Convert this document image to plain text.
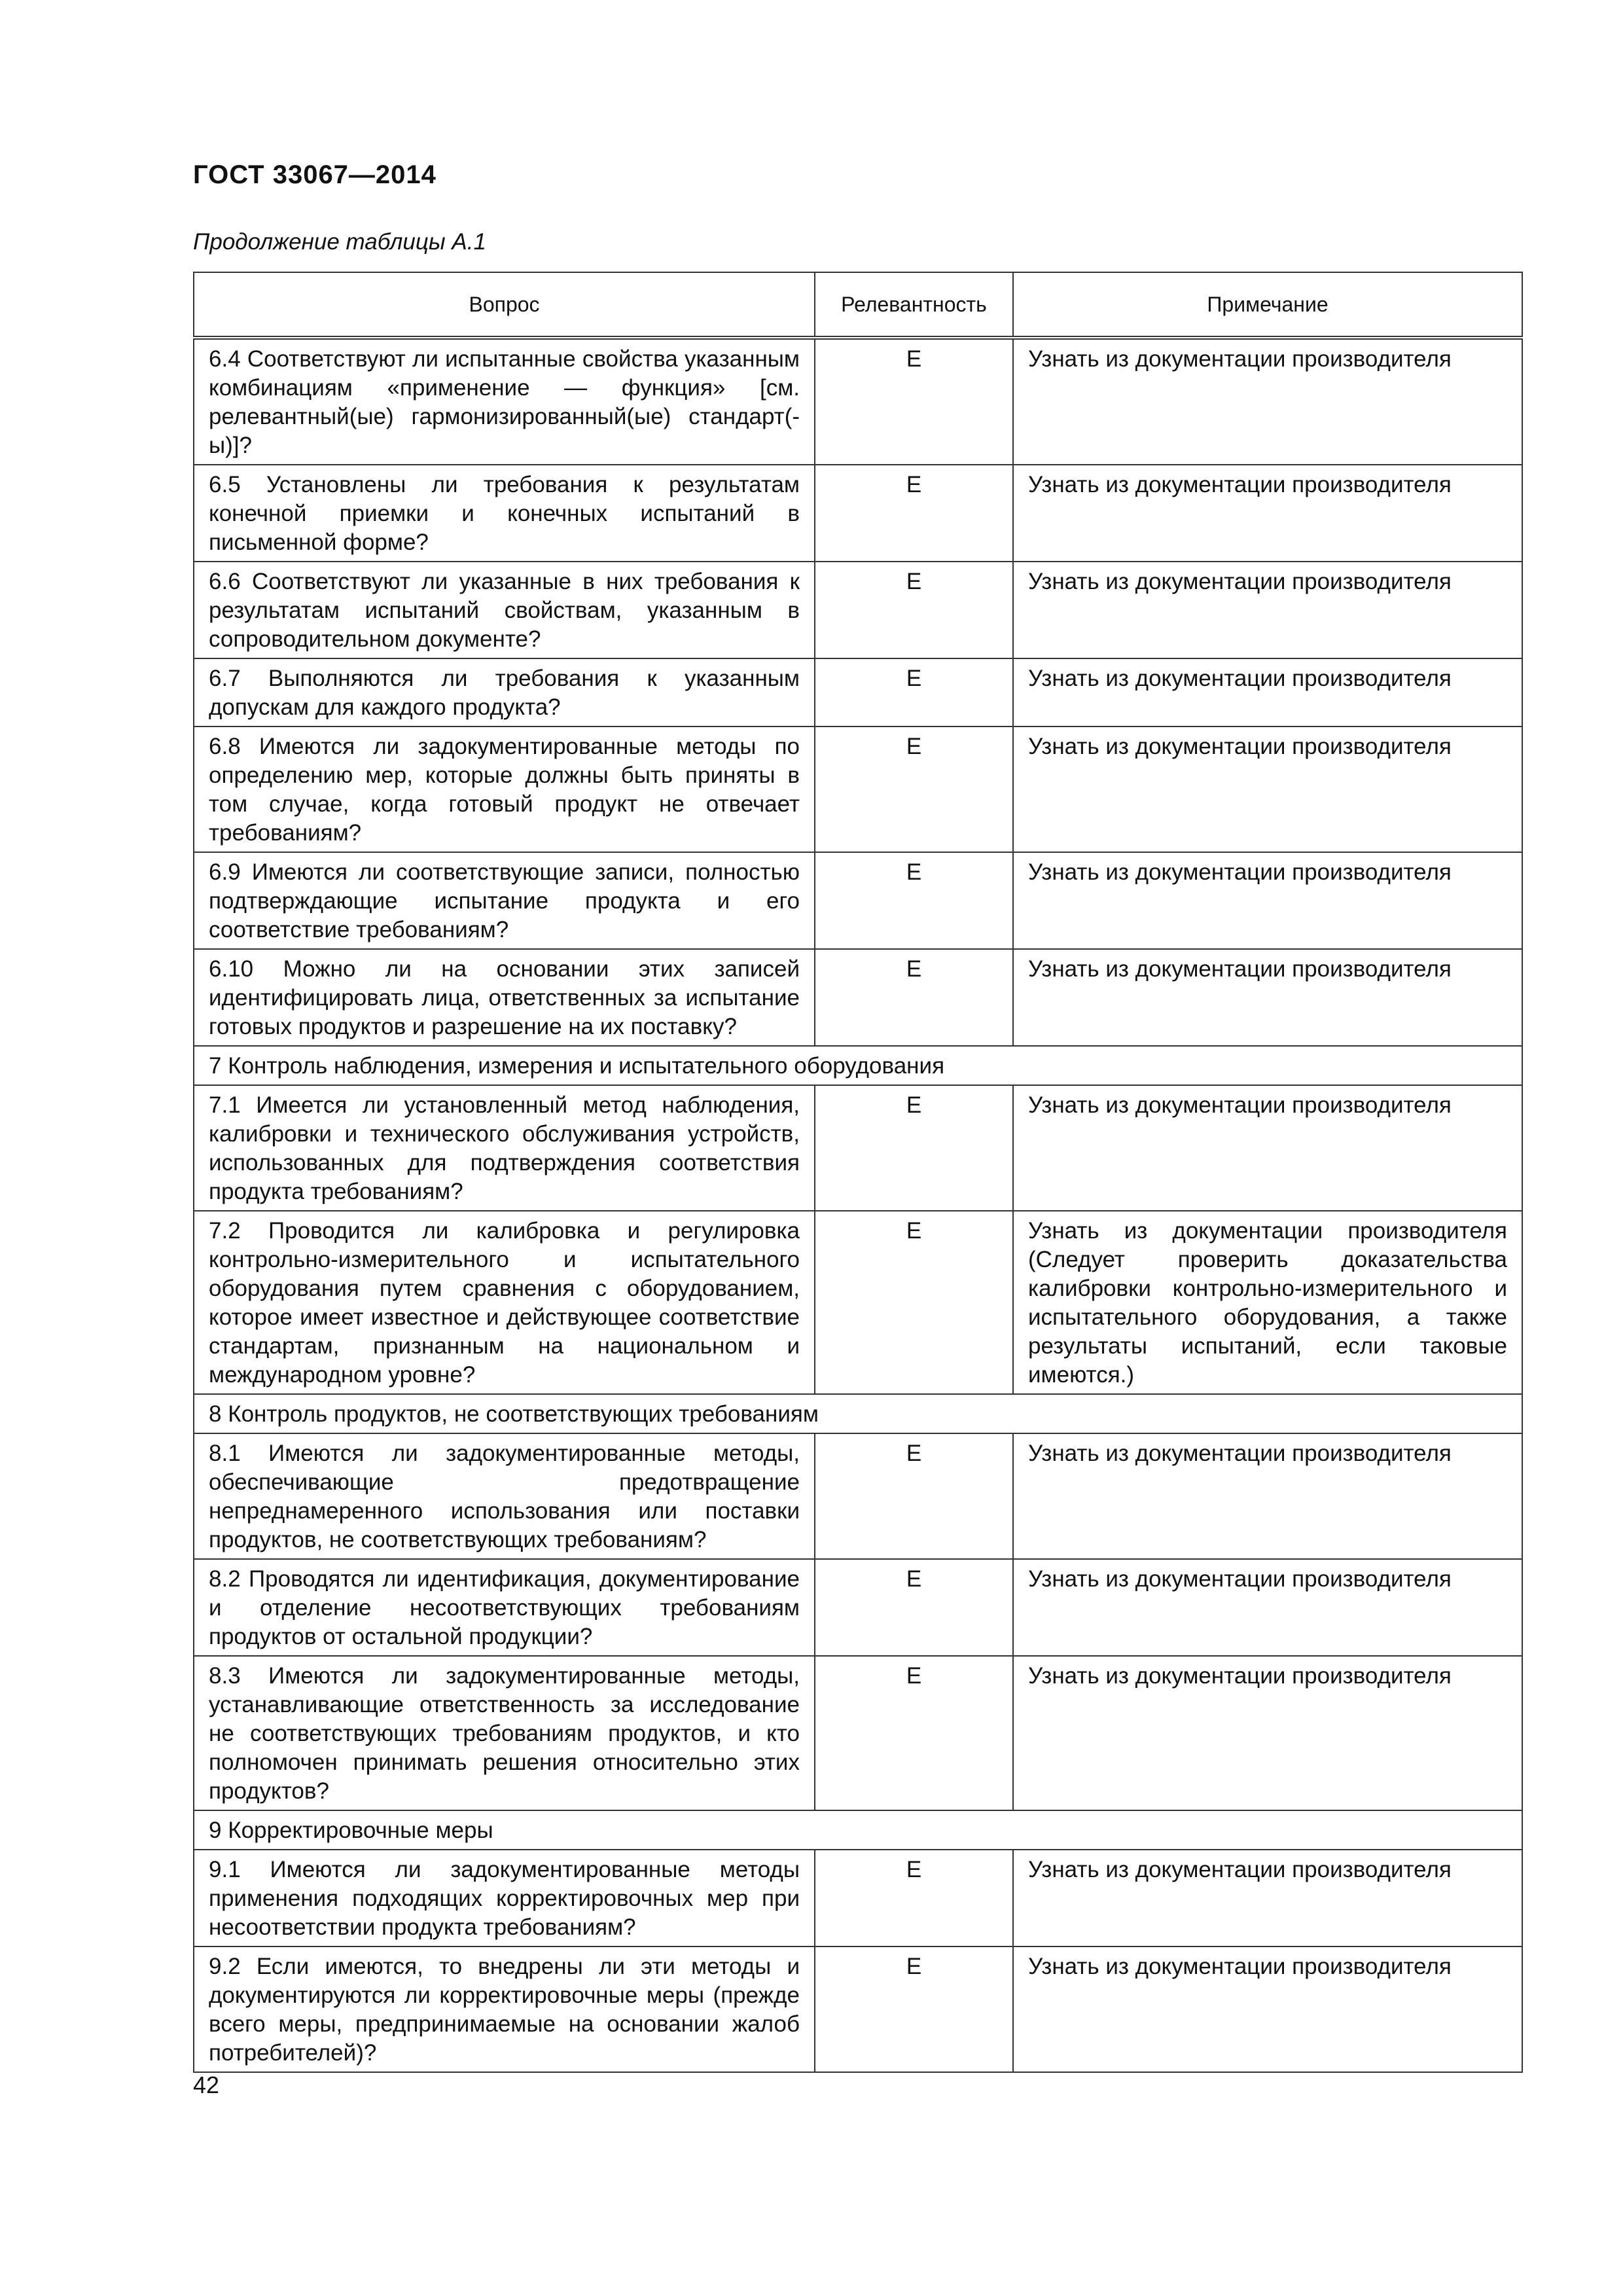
ГОСТ 33067—2014
Продолжение таблицы А.1
Вопрос	Релевантность	Примечание
6.4 Соответствуют ли испытанные свойства указанным комбинациям «применение — функция» [см. релевантный(ые) гармонизированный(ые) стандарт(-ы)]?	E	Узнать из документации производителя
6.5 Установлены ли требования к результатам конечной приемки и конечных испытаний в письменной форме?	E	Узнать из документации производителя
6.6 Соответствуют ли указанные в них требования к результатам испытаний свойствам, указанным в сопроводительном документе?	E	Узнать из документации производителя
6.7 Выполняются ли требования к указанным допускам для каждого продукта?	E	Узнать из документации производителя
6.8 Имеются ли задокументированные методы по определению мер, которые должны быть приняты в том случае, когда готовый продукт не отвечает требованиям?	E	Узнать из документации производителя
6.9 Имеются ли соответствующие записи, полностью подтверждающие испытание продукта и его соответствие требованиям?	E	Узнать из документации производителя
6.10 Можно ли на основании этих записей идентифицировать лица, ответственных за испытание готовых продуктов и разрешение на их поставку?	E	Узнать из документации производителя
7 Контроль наблюдения, измерения и испытательного оборудования		
7.1 Имеется ли установленный метод наблюдения, калибровки и технического обслуживания устройств, использованных для подтверждения соответствия продукта требованиям?	E	Узнать из документации производителя
7.2 Проводится ли калибровка и регулировка контрольно-измерительного и испытательного оборудования путем сравнения с оборудованием, которое имеет известное и действующее соответствие стандартам, признанным на национальном и международном уровне?	E	Узнать из документации производителя (Следует проверить доказательства калибровки контрольно-измерительного и испытательного оборудования, а также результаты испытаний, если таковые имеются.)
8 Контроль продуктов, не соответствующих требованиям		
8.1 Имеются ли задокументированные методы, обеспечивающие предотвращение непреднамеренного использования или поставки продуктов, не соответствующих требованиям?	E	Узнать из документации производителя
8.2 Проводятся ли идентификация, документирование и отделение несоответствующих требованиям продуктов от остальной продукции?	E	Узнать из документации производителя
8.3 Имеются ли задокументированные методы, устанавливающие ответственность за исследование не соответствующих требованиям продуктов, и кто полномочен принимать решения относительно этих продуктов?	E	Узнать из документации производителя
9 Корректировочные меры		
9.1 Имеются ли задокументированные методы применения подходящих корректировочных мер при несоответствии продукта требованиям?	E	Узнать из документации производителя
9.2 Если имеются, то внедрены ли эти методы и документируются ли корректировочные меры (прежде всего меры, предпринимаемые на основании жалоб потребителей)?	E	Узнать из документации производителя
42
